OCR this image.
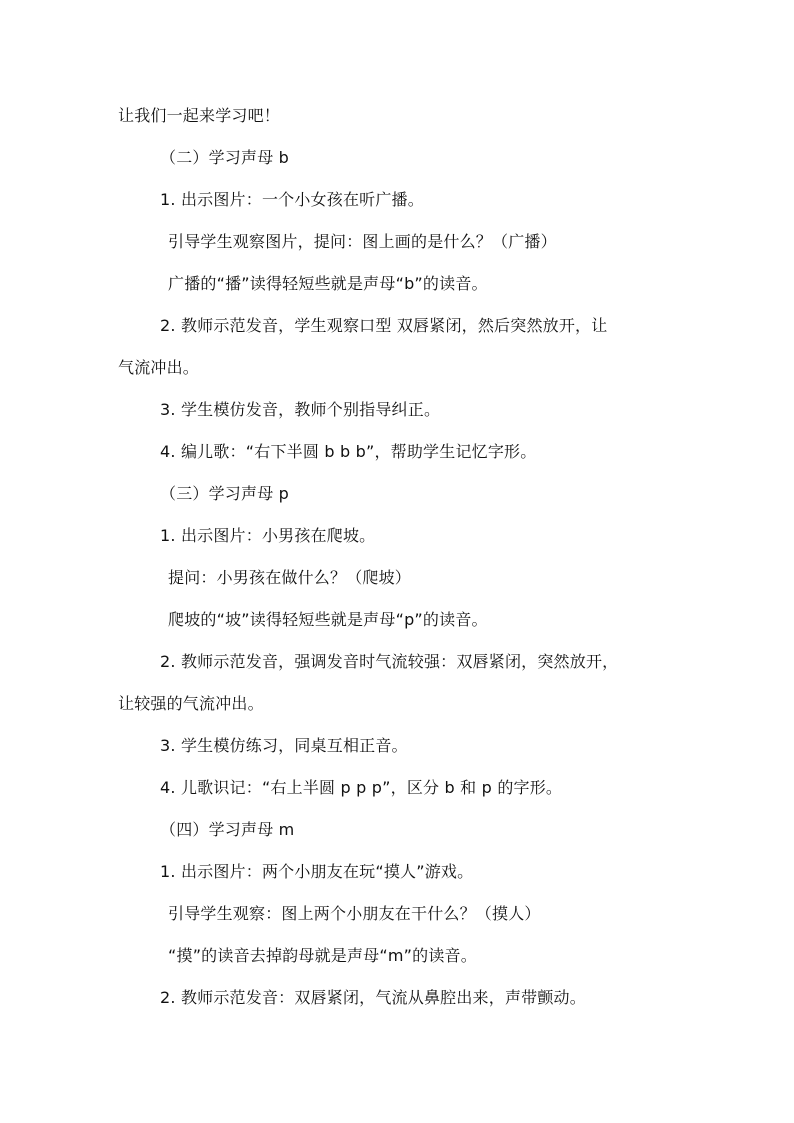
让我们一起来学习吧！
（二）学习声母 b
1. 出示图片：一个小女孩在听广播。
引导学生观察图片，提问：图上画的是什么？（广播）
广播的“播”读得轻短些就是声母“b”的读音。
2. 教师示范发音，学生观察口型 双唇紧闭，然后突然放开，让
气流冲出。
3. 学生模仿发音，教师个别指导纠正。
4. 编儿歌：“右下半圆 b b b”，帮助学生记忆字形。
（三）学习声母 p
1. 出示图片：小男孩在爬坡。
提问：小男孩在做什么？（爬坡）
爬坡的“坡”读得轻短些就是声母“p”的读音。
2. 教师示范发音，强调发音时气流较强：双唇紧闭，突然放开，
让较强的气流冲出。
3. 学生模仿练习，同桌互相正音。
4. 儿歌识记：“右上半圆 p p p”，区分 b 和 p 的字形。
（四）学习声母 m
1. 出示图片：两个小朋友在玩“摸人”游戏。
引导学生观察：图上两个小朋友在干什么？（摸人）
“摸”的读音去掉韵母就是声母“m”的读音。
2. 教师示范发音：双唇紧闭，气流从鼻腔出来，声带颤动。
